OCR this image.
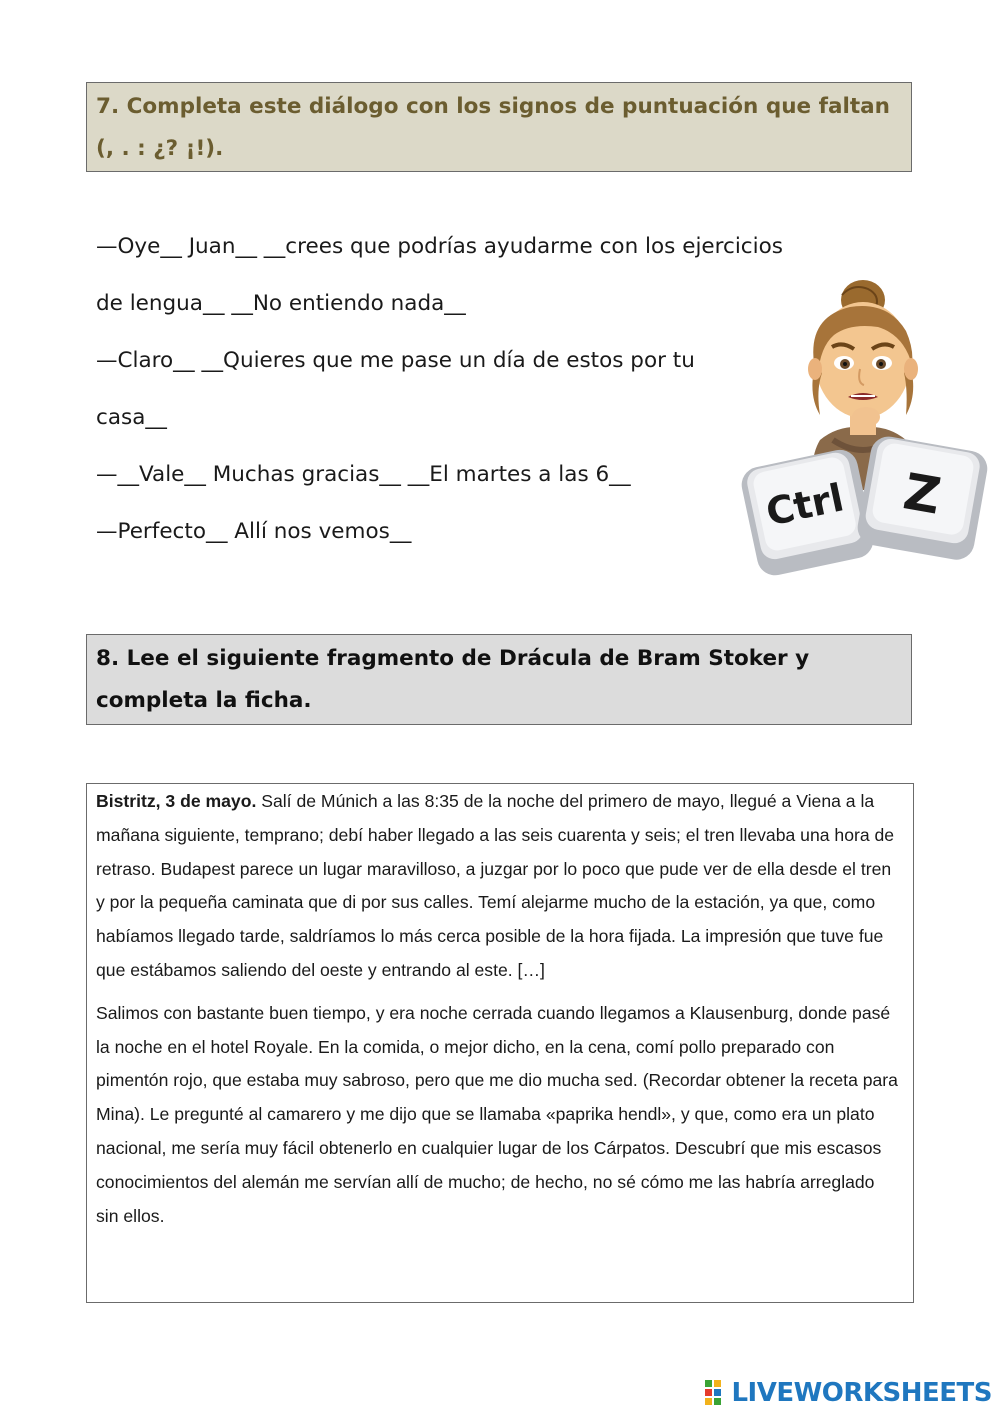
7. Completa este diálogo con los signos de puntuación que faltan (, . : ¿? ¡!).

—Oye__ Juan__ __crees que podrías ayudarme con los ejercicios
de lengua__ __No entiendo nada__
—Claro__ __Quieres que me pase un día de estos por tu
casa__
—__Vale__ Muchas gracias__ __El martes a las 6__
—Perfecto__ Allí nos vemos__	Ctrl Z

8. Lee el siguiente fragmento de Drácula de Bram Stoker y completa la ficha.

Bistritz, 3 de mayo. Salí de Múnich a las 8:35 de la noche del primero de mayo, llegué a Viena a la mañana siguiente, temprano; debí haber llegado a las seis cuarenta y seis; el tren llevaba una hora de retraso. Budapest parece un lugar maravilloso, a juzgar por lo poco que pude ver de ella desde el tren y por la pequeña caminata que di por sus calles. Temí alejarme mucho de la estación, ya que, como habíamos llegado tarde, saldríamos lo más cerca posible de la hora fijada. La impresión que tuve fue que estábamos saliendo del oeste y entrando al este. […]

Salimos con bastante buen tiempo, y era noche cerrada cuando llegamos a Klausenburg, donde pasé la noche en el hotel Royale. En la comida, o mejor dicho, en la cena, comí pollo preparado con pimentón rojo, que estaba muy sabroso, pero que me dio mucha sed. (Recordar obtener la receta para Mina). Le pregunté al camarero y me dijo que se llamaba «paprika hendl», y que, como era un plato nacional, me sería muy fácil obtenerlo en cualquier lugar de los Cárpatos. Descubrí que mis escasos conocimientos del alemán me servían allí de mucho; de hecho, no sé cómo me las habría arreglado sin ellos.

LIVEWORKSHEETS
